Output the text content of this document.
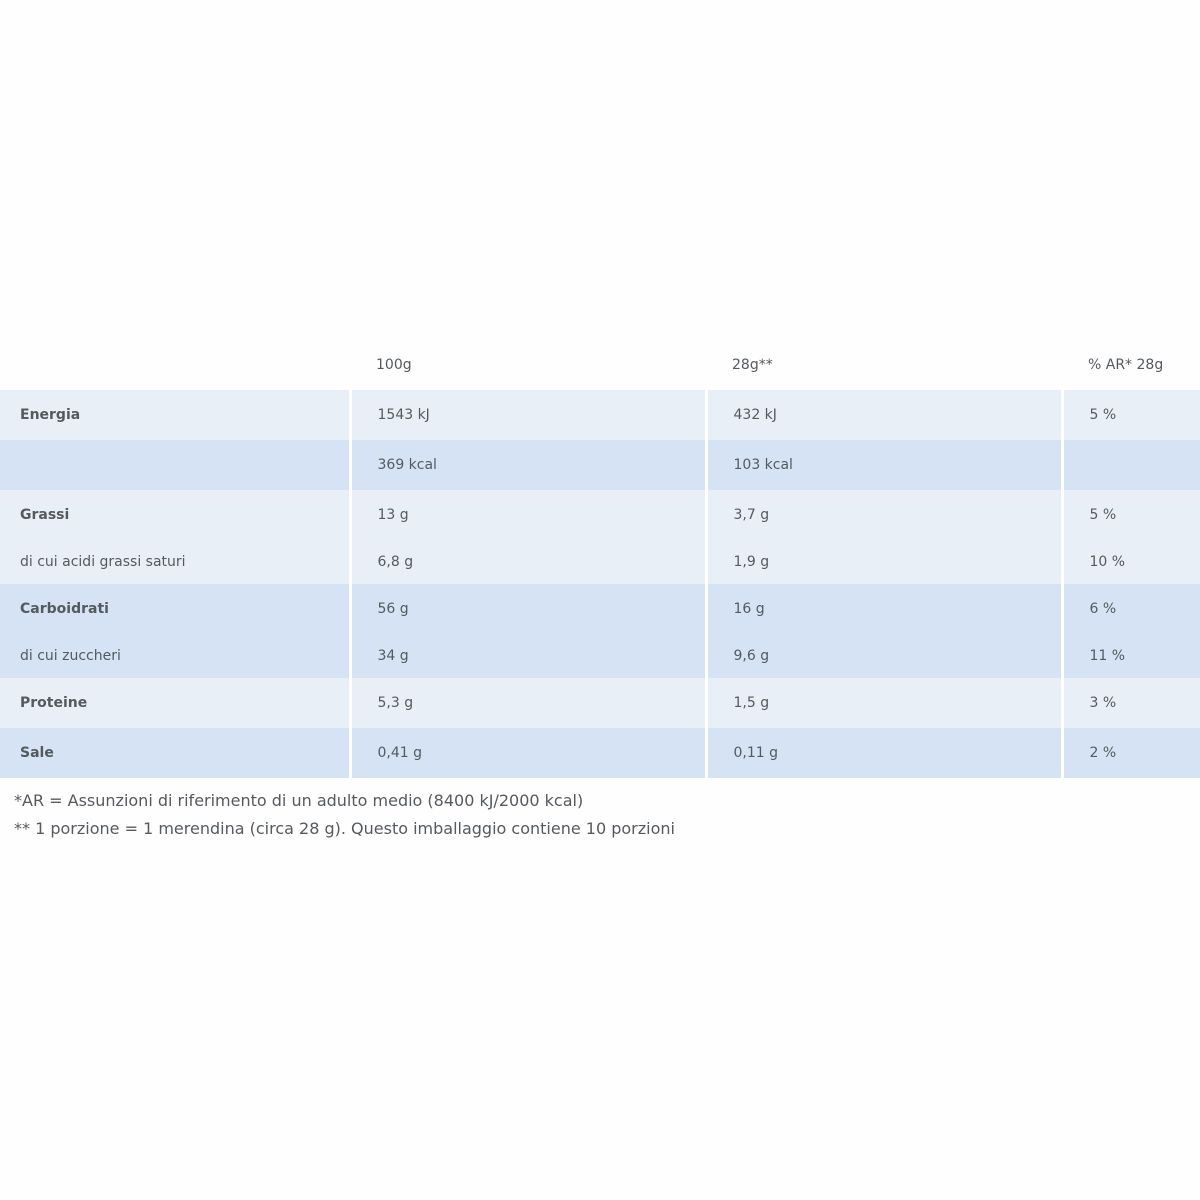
	100g	28g**	% AR* 28g
Energia	1543 kJ	432 kJ	5 %
	369 kcal	103 kcal	
Grassi	13 g	3,7 g	5 %
di cui acidi grassi saturi	6,8 g	1,9 g	10 %
Carboidrati	56 g	16 g	6 %
di cui zuccheri	34 g	9,6 g	11 %
Proteine	5,3 g	1,5 g	3 %
Sale	0,41 g	0,11 g	2 %
*AR = Assunzioni di riferimento di un adulto medio (8400 kJ/2000 kcal)
** 1 porzione = 1 merendina (circa 28 g). Questo imballaggio contiene 10 porzioni
